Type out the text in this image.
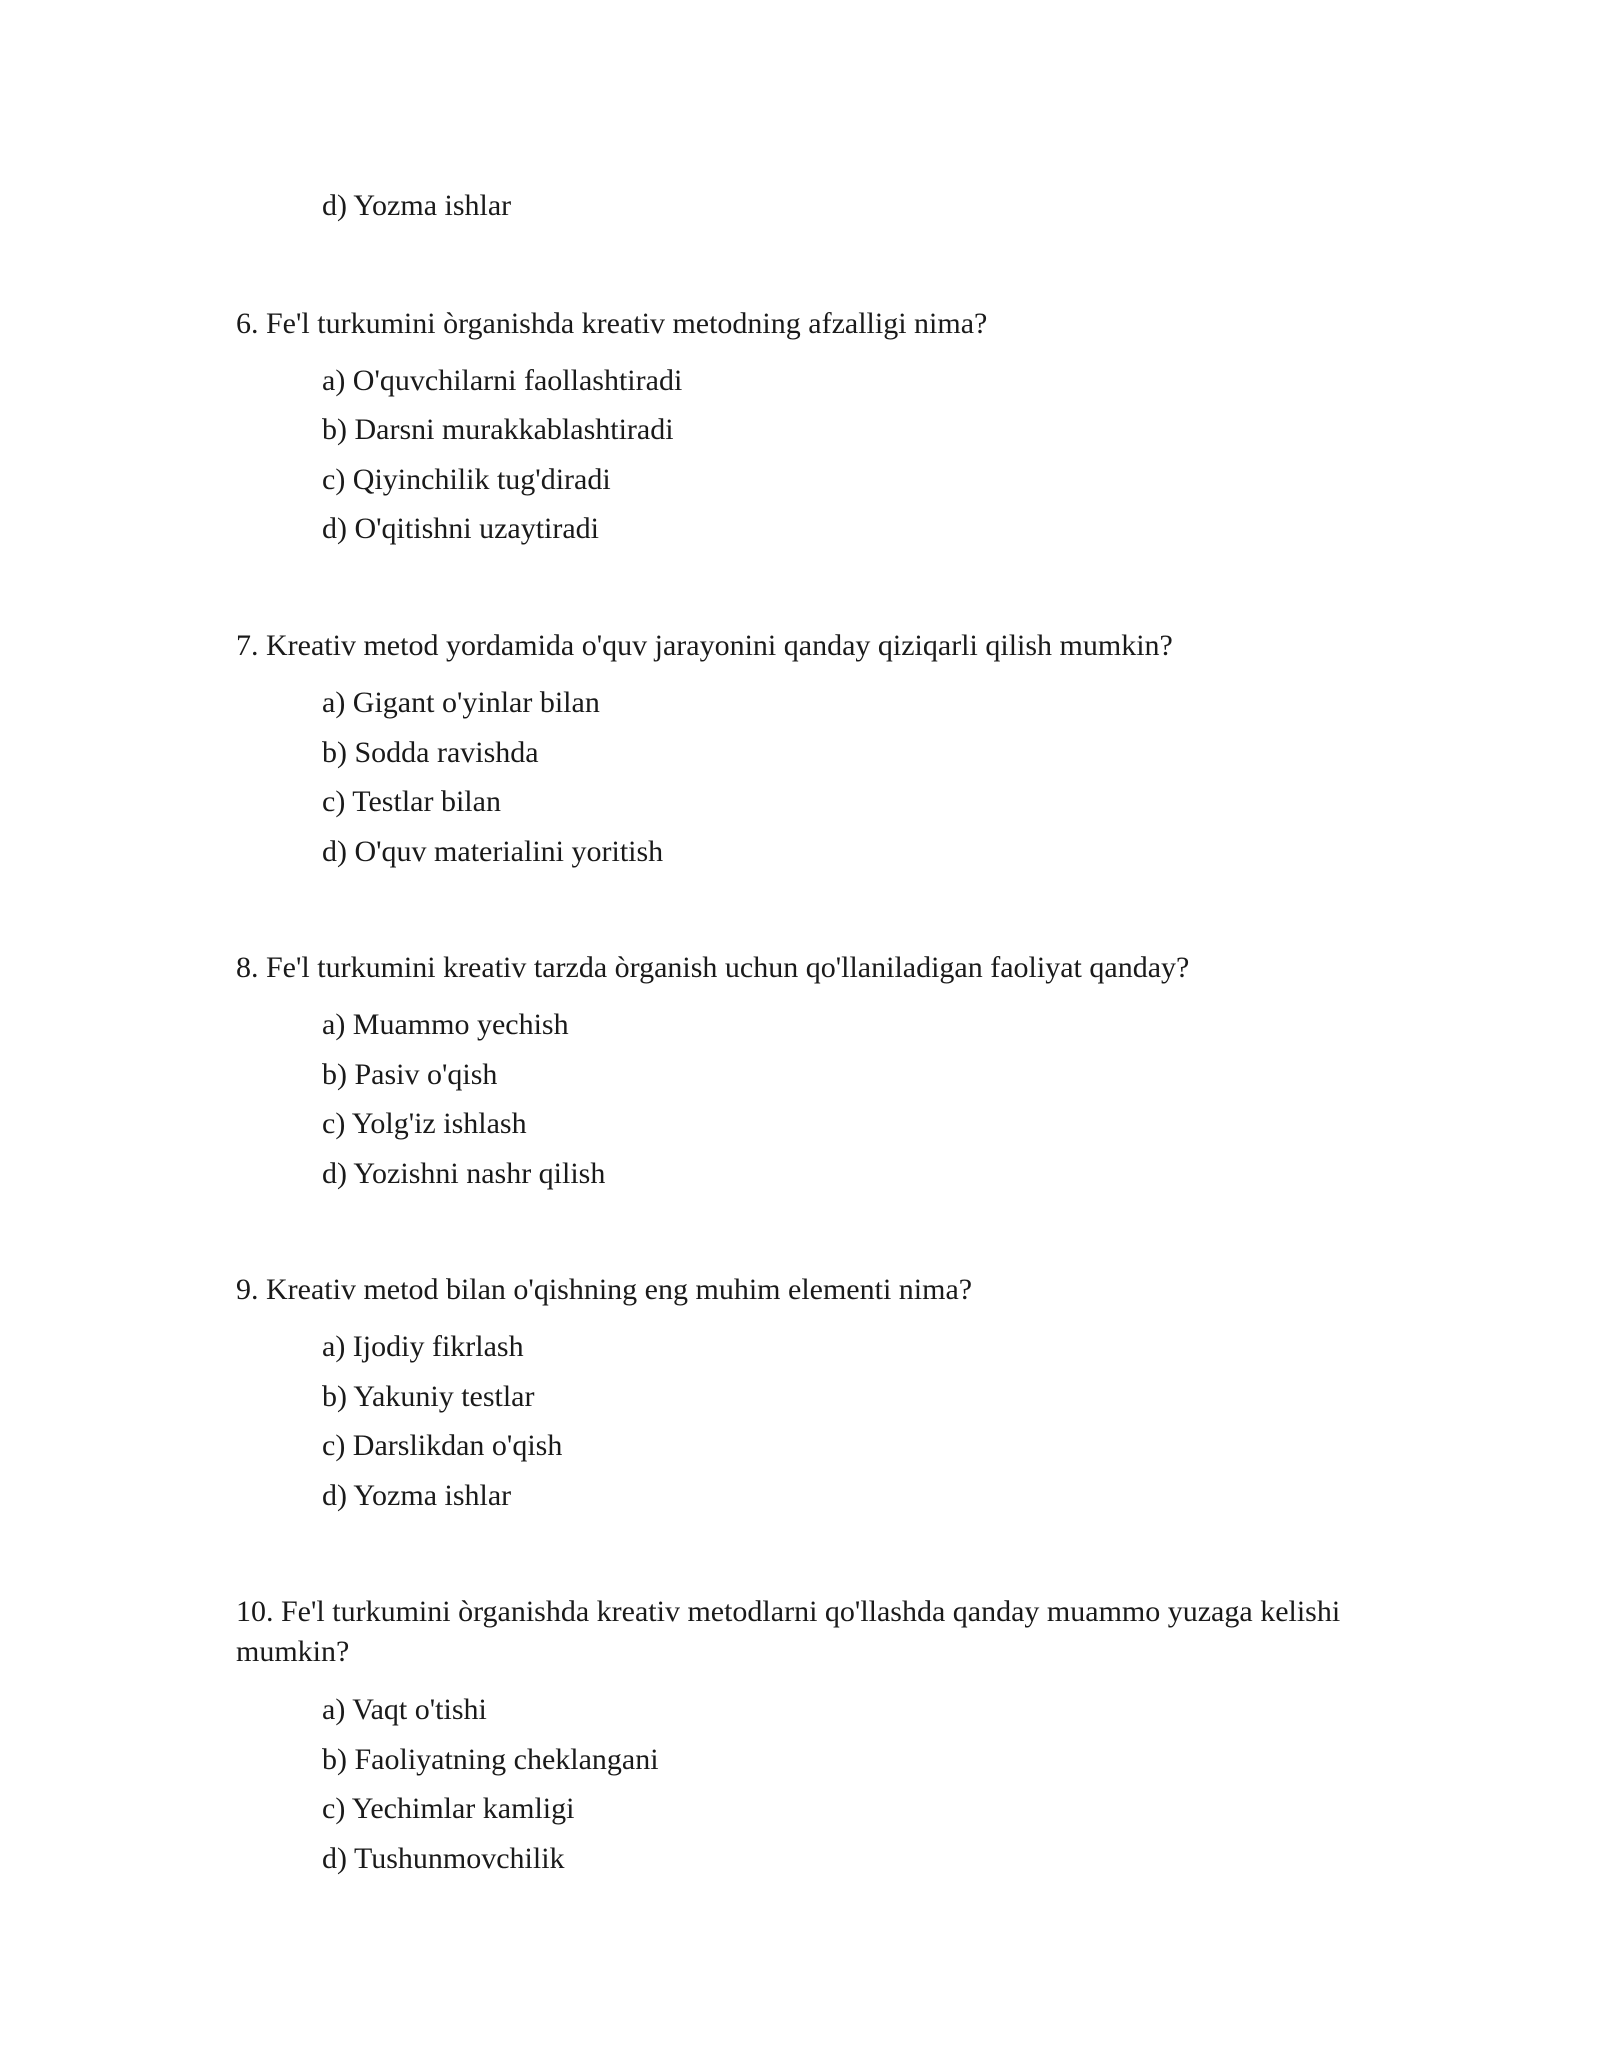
d) Yozma ishlar
6. Fe'l turkumini òrganishda kreativ metodning afzalligi nima?
a) O'quvchilarni faollashtiradi
b) Darsni murakkablashtiradi
c) Qiyinchilik tug'diradi
d) O'qitishni uzaytiradi
7. Kreativ metod yordamida o'quv jarayonini qanday qiziqarli qilish mumkin?
a) Gigant o'yinlar bilan
b) Sodda ravishda
c) Testlar bilan
d) O'quv materialini yoritish
8. Fe'l turkumini kreativ tarzda òrganish uchun qo'llaniladigan faoliyat qanday?
a) Muammo yechish
b) Pasiv o'qish
c) Yolg'iz ishlash
d) Yozishni nashr qilish
9. Kreativ metod bilan o'qishning eng muhim elementi nima?
a) Ijodiy fikrlash
b) Yakuniy testlar
c) Darslikdan o'qish
d) Yozma ishlar
10. Fe'l turkumini òrganishda kreativ metodlarni qo'llashda qanday muammo yuzaga kelishi mumkin?
a) Vaqt o'tishi
b) Faoliyatning cheklangani
c) Yechimlar kamligi
d) Tushunmovchilik
